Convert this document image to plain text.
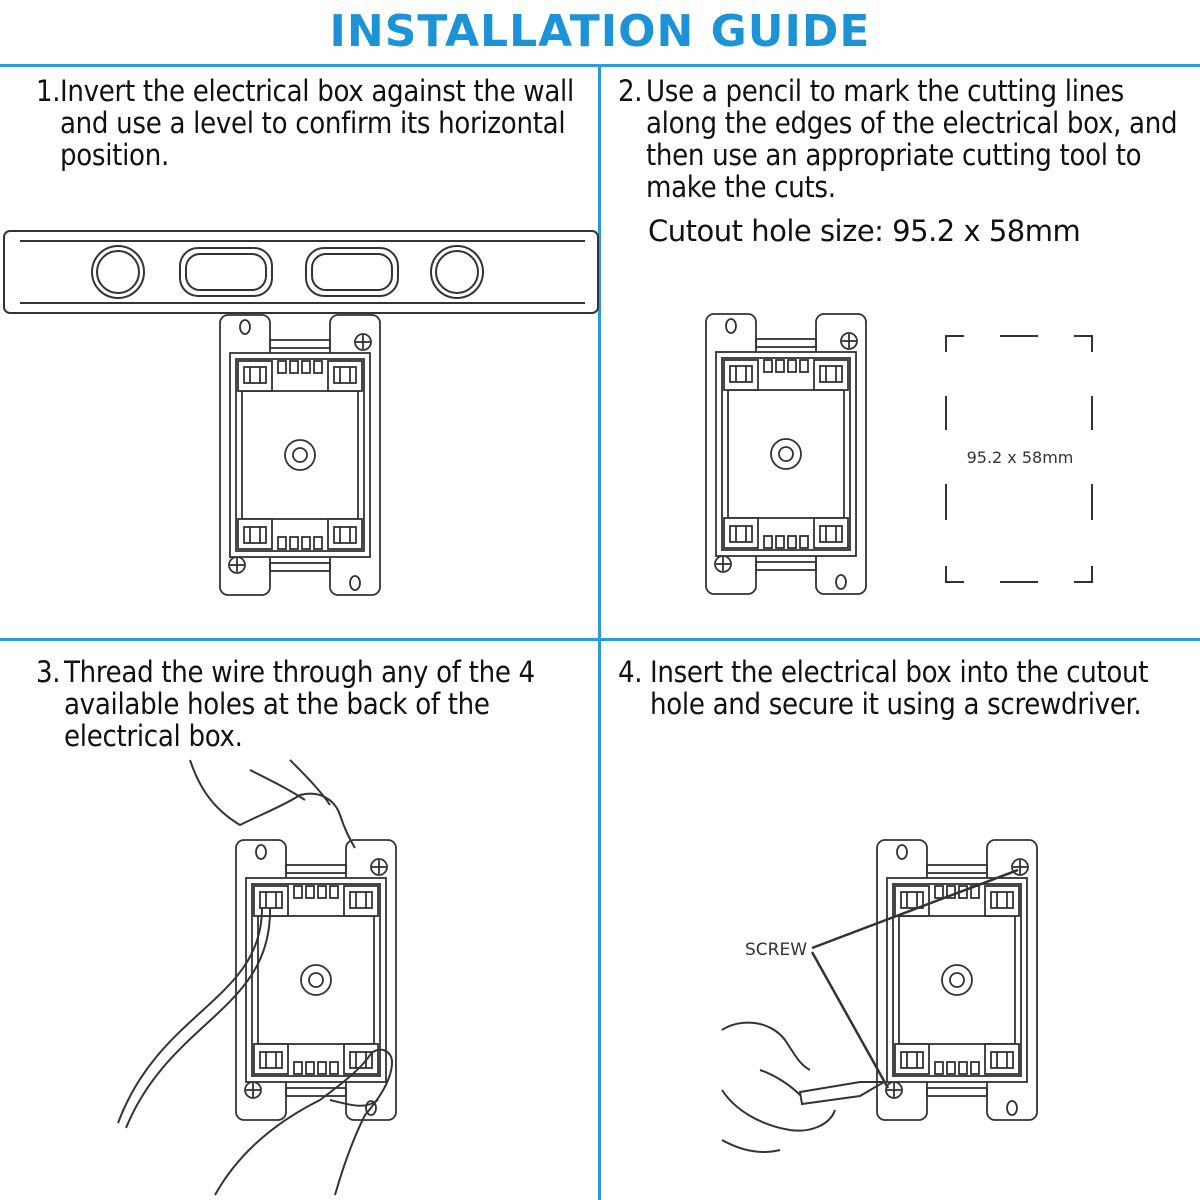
INSTALLATION GUIDE
1. Invert the electrical box against the wall and use a level to confirm its horizontal position.
2. Use a pencil to mark the cutting lines along the edges of the electrical box, and then use an appropriate cutting tool to make the cuts.
Cutout hole size: 95.2 x 58mm
3. Thread the wire through any of the 4 available holes at the back of the electrical box.
4. Insert the electrical box into the cutout hole and secure it using a screwdriver.
95.2 x 58mm
SCREW
